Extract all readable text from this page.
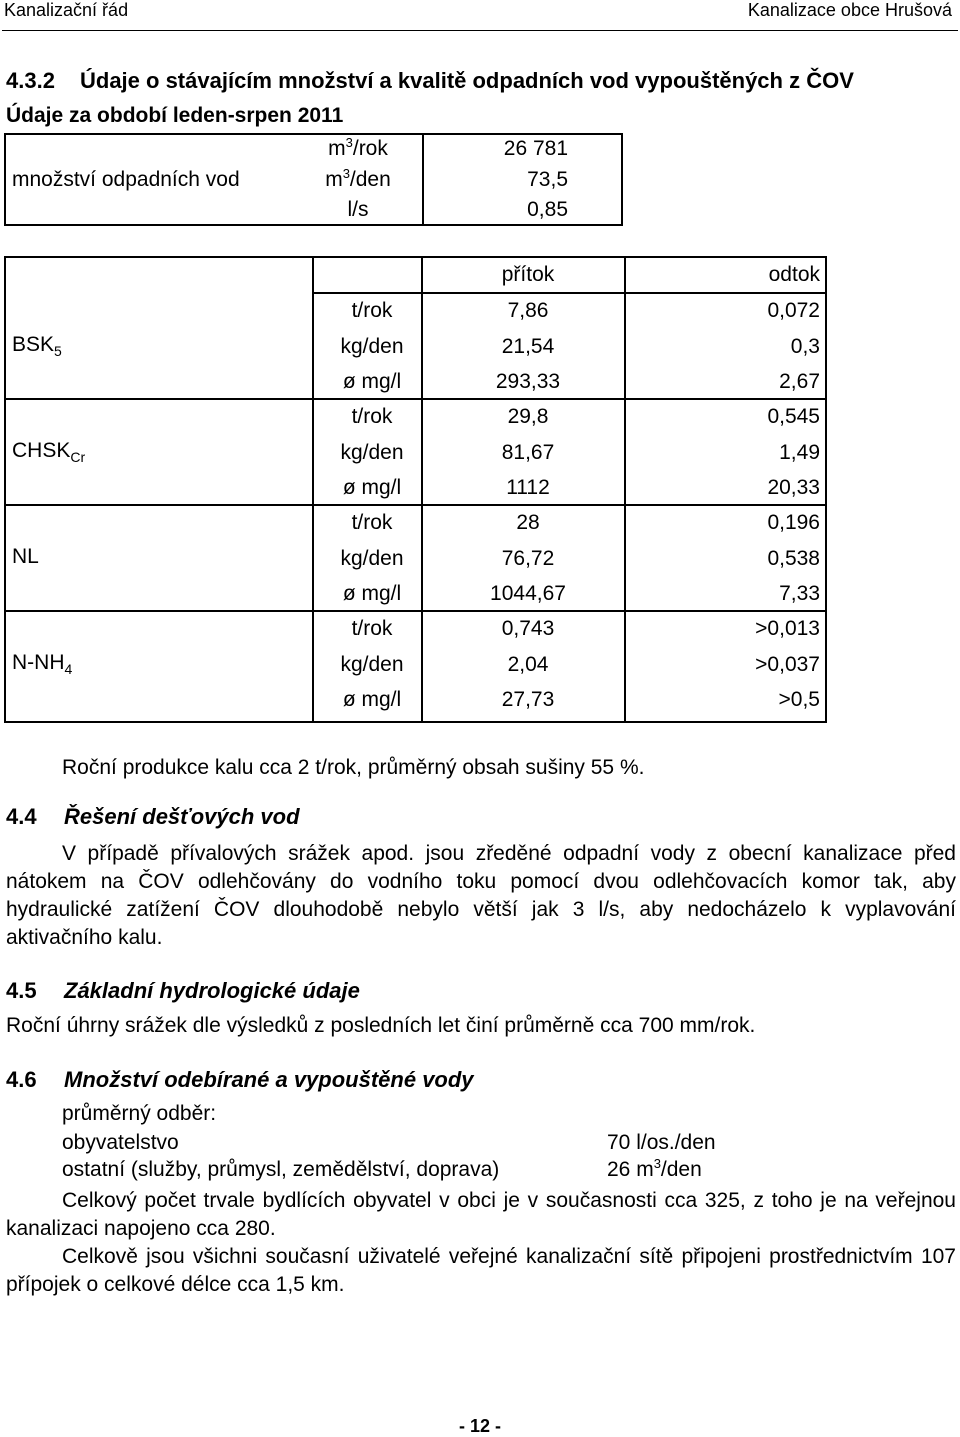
Kanalizační řád	Kanalizace obce Hrušová
4.3.2 Údaje o stávajícím množství a kvalitě odpadních vod vypouštěných z ČOV
Údaje za období leden-srpen 2011
množství odpadních vod
$m^3$/rok	26 781
$m^3$/den	73,5
l/s	0,85
přítok	odtok
$BSK_5$
t/rok	7,86	0,072
kg/den	21,54	0,3
ø mg/l	293,33	2,67
$CHSK_{Cr}$
t/rok	29,8	0,545
kg/den	81,67	1,49
ø mg/l	1112	20,33
NL
t/rok	28	0,196
kg/den	76,72	0,538
ø mg/l	1044,67	7,33
$N-NH_4$
t/rok	0,743	>0,013
kg/den	2,04	>0,037
ø mg/l	27,73	>0,5
Roční produkce kalu cca 2 t/rok, průměrný obsah sušiny 55 %.
4.4 Řešení dešťových vod
V případě přívalových srážek apod. jsou zředěné odpadní vody z obecní kanalizace před nátokem na ČOV odlehčovány do vodního toku pomocí dvou odlehčovacích komor tak, aby hydraulické zatížení ČOV dlouhodobě nebylo větší jak 3 l/s, aby nedocházelo k vyplavování aktivačního kalu.
4.5 Základní hydrologické údaje
Roční úhrny srážek dle výsledků z posledních let činí průměrně cca 700 mm/rok.
4.6 Množství odebírané a vypouštěné vody
průměrný odběr:
obyvatelstvo	70 l/os./den
ostatní (služby, průmysl, zemědělství, doprava)	26 $m^3$/den
Celkový počet trvale bydlících obyvatel v obci je v současnosti cca 325, z toho je na veřejnou kanalizaci napojeno cca 280.
Celkově jsou všichni současní uživatelé veřejné kanalizační sítě připojeni prostřednictvím 107 přípojek o celkové délce cca 1,5 km.
- 12 -
